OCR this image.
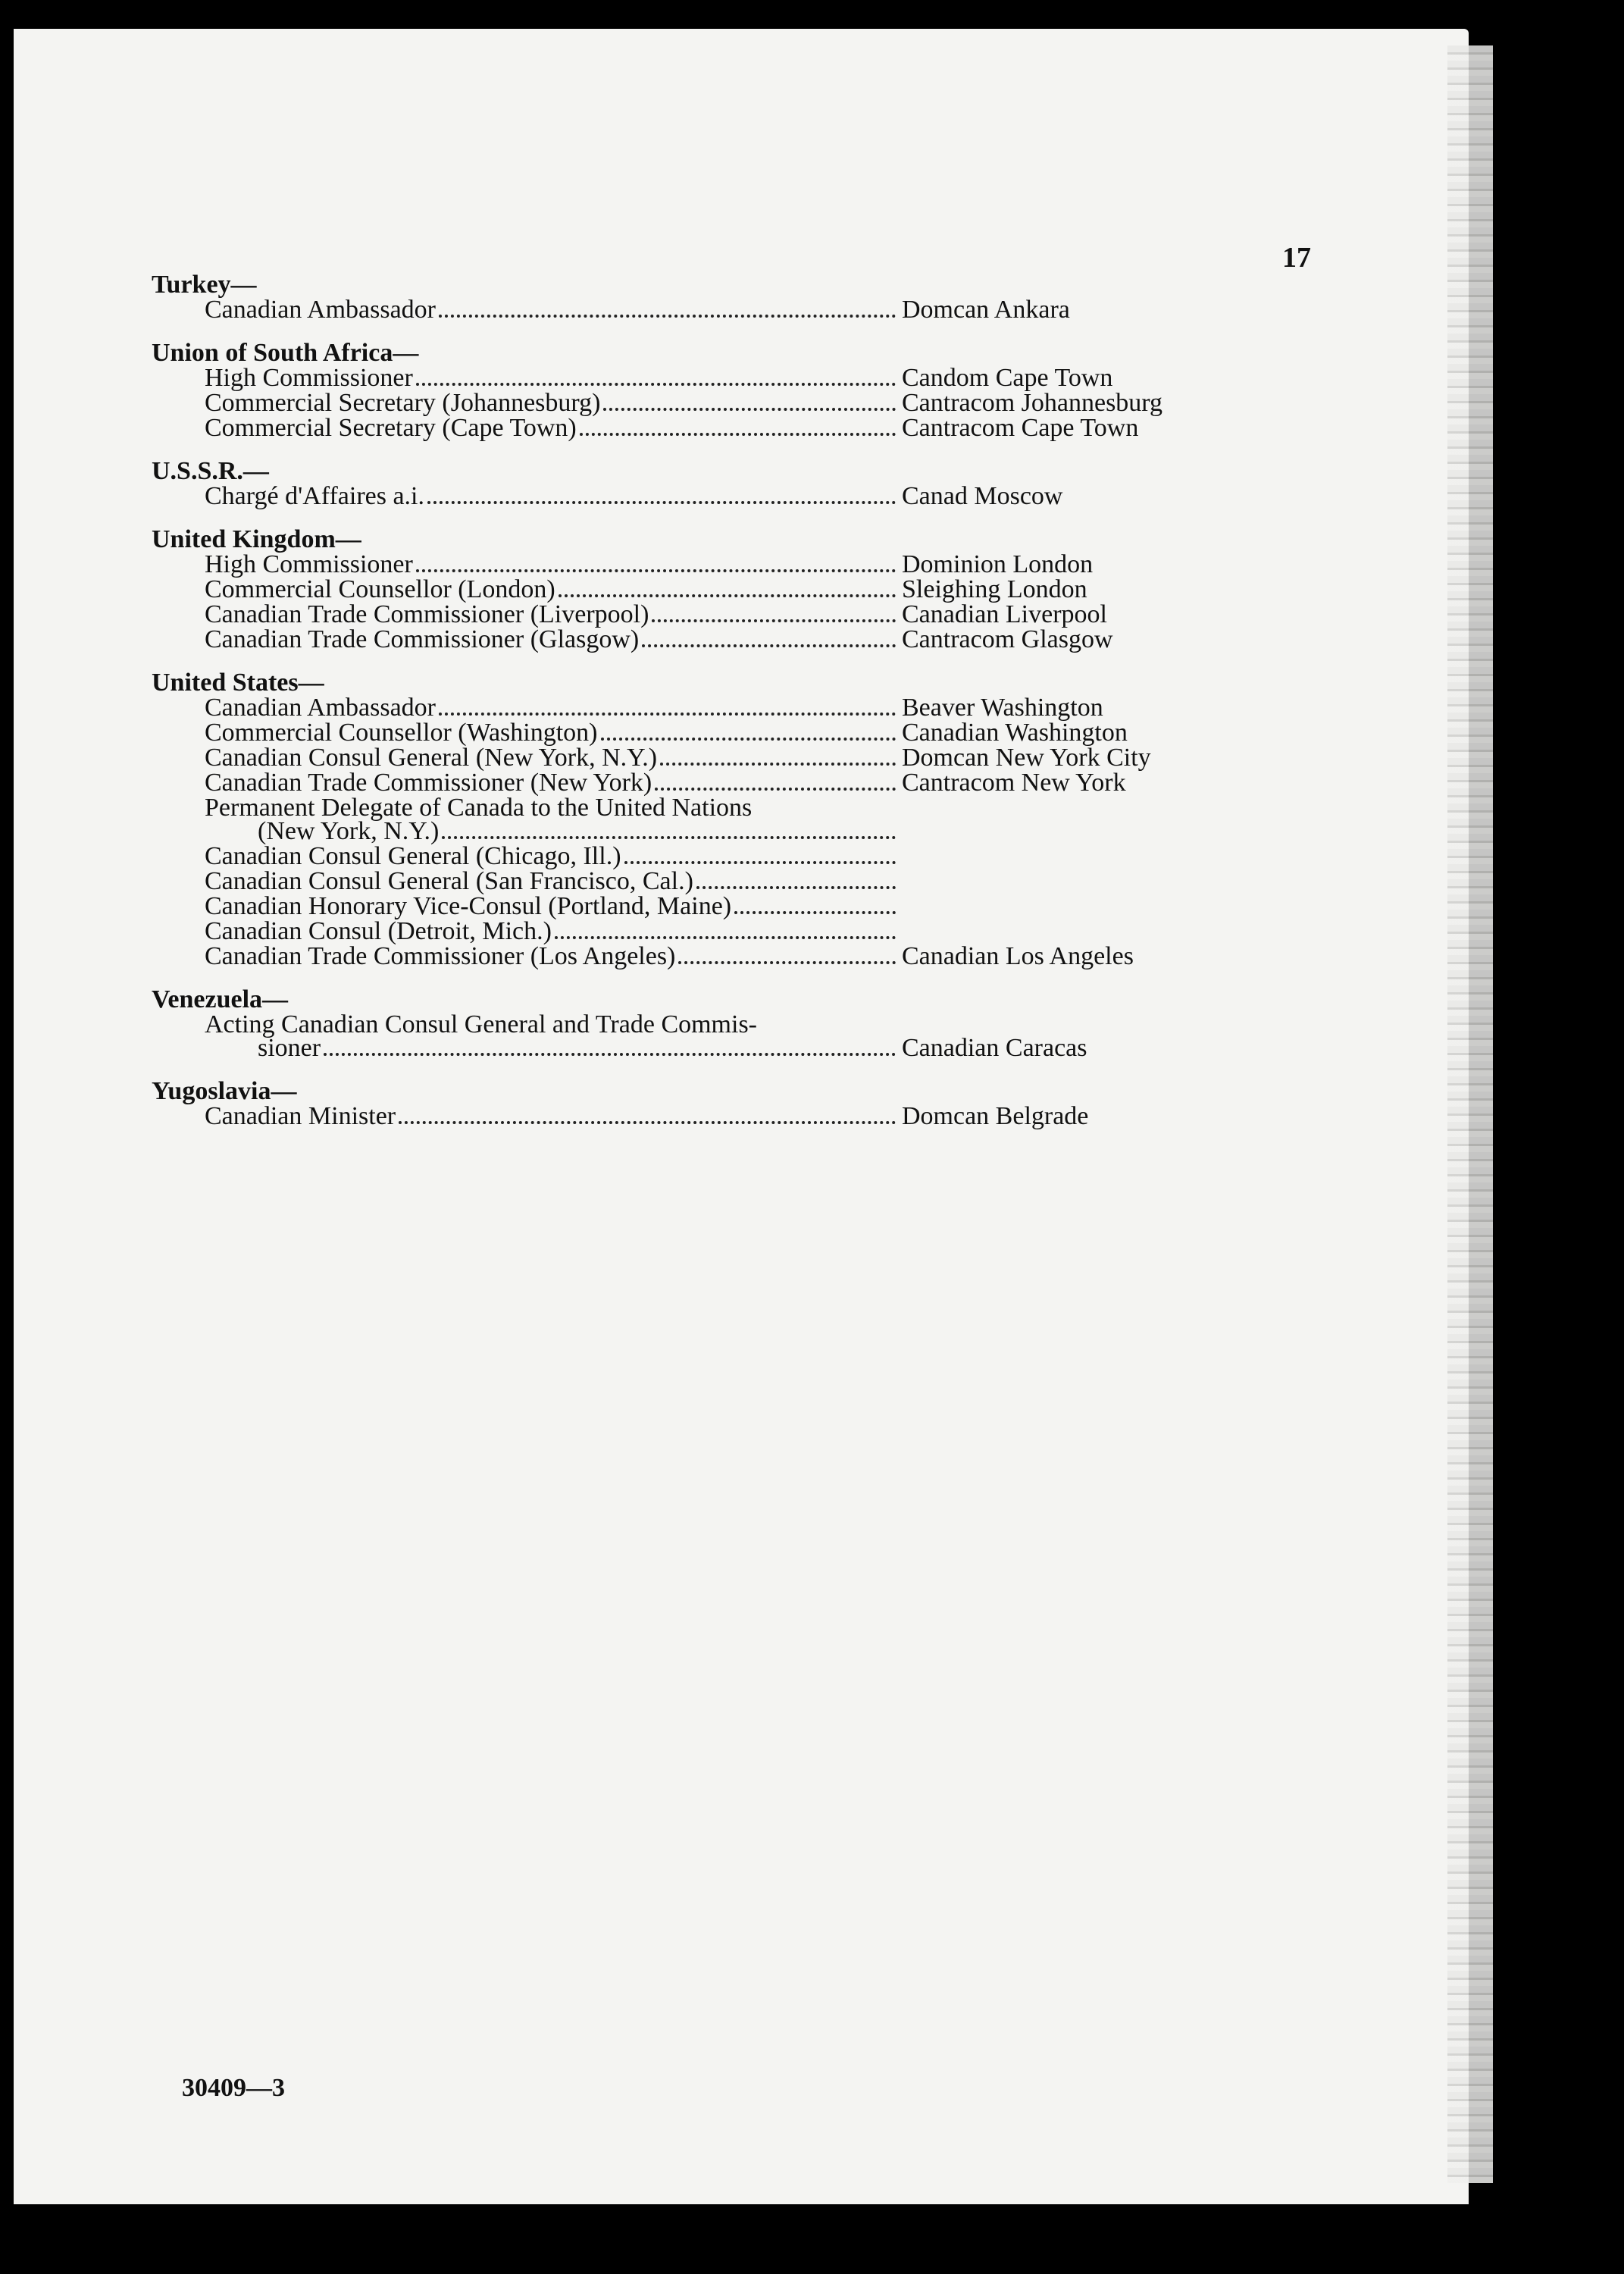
17
Turkey—
Canadian Ambassador	Domcan Ankara
Union of South Africa—
High Commissioner	Candom Cape Town
Commercial Secretary (Johannesburg)	Cantracom Johannesburg
Commercial Secretary (Cape Town)	Cantracom Cape Town
U.S.S.R.—
Chargé d'Affaires a.i.	Canad Moscow
United Kingdom—
High Commissioner	Dominion London
Commercial Counsellor (London)	Sleighing London
Canadian Trade Commissioner (Liverpool)	Canadian Liverpool
Canadian Trade Commissioner (Glasgow)	Cantracom Glasgow
United States—
Canadian Ambassador	Beaver Washington
Commercial Counsellor (Washington)	Canadian Washington
Canadian Consul General (New York, N.Y.)	Domcan New York City
Canadian Trade Commissioner (New York)	Cantracom New York
Permanent Delegate of Canada to the United Nations
(New York, N.Y.)
Canadian Consul General (Chicago, Ill.)
Canadian Consul General (San Francisco, Cal.)
Canadian Honorary Vice-Consul (Portland, Maine)
Canadian Consul (Detroit, Mich.)
Canadian Trade Commissioner (Los Angeles)	Canadian Los Angeles
Venezuela—
Acting Canadian Consul General and Trade Commis-
sioner	Canadian Caracas
Yugoslavia—
Canadian Minister	Domcan Belgrade
30409—3
